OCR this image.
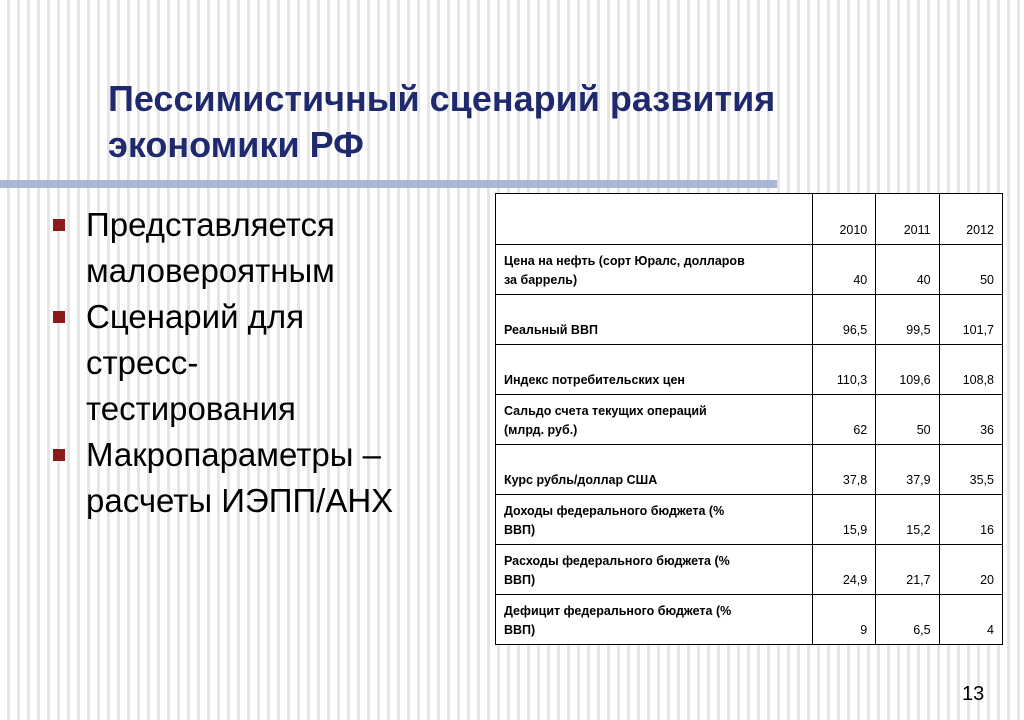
Пессимистичный сценарий развития
экономики РФ
Представляется
маловероятным
Сценарий для
стресс-
тестирования
Макропараметры –
расчеты ИЭПП/АНХ
	2010	2011	2012
Цена на нефть (сорт Юралс, долларов
за баррель)	40	40	50
Реальный ВВП	96,5	99,5	101,7
Индекс потребительских цен	110,3	109,6	108,8
Сальдо счета текущих операций
(млрд. руб.)	62	50	36
Курс рубль/доллар США	37,8	37,9	35,5
Доходы федерального бюджета (%
ВВП)	15,9	15,2	16
Расходы федерального бюджета (%
ВВП)	24,9	21,7	20
Дефицит федерального бюджета (%
ВВП)	9	6,5	4
13
